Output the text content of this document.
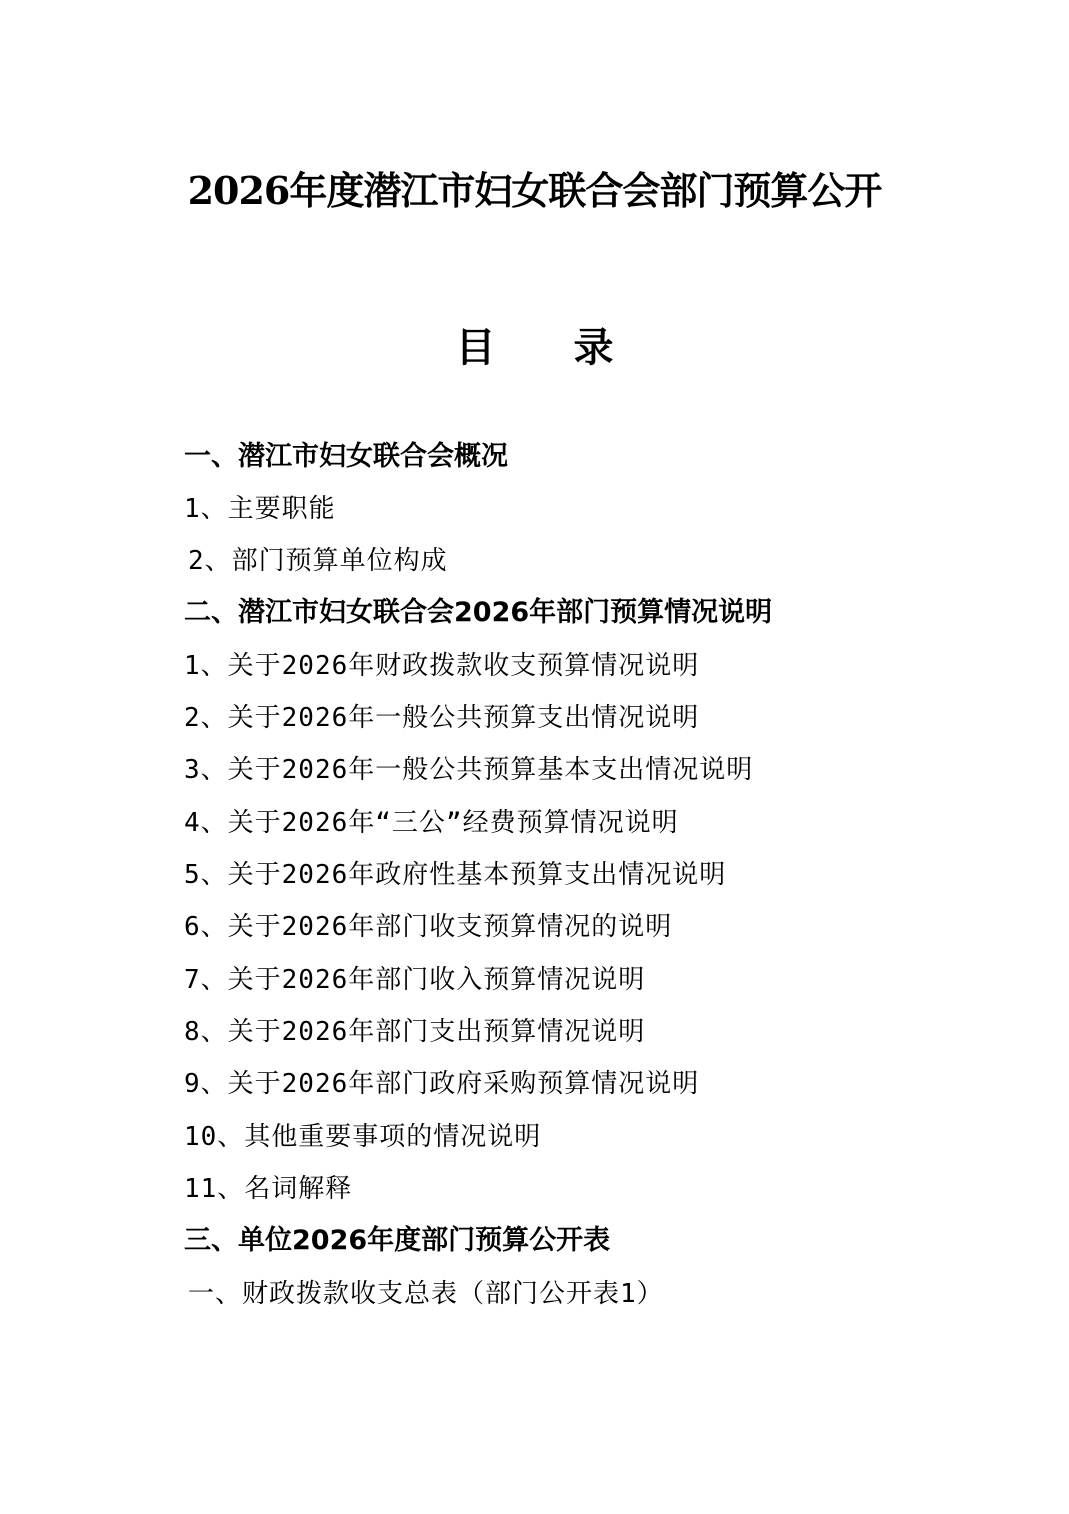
2026年度潜江市妇女联合会部门预算公开
目 录

一、潜江市妇女联合会概况

1、主要职能

2、部门预算单位构成

二、潜江市妇女联合会2026年部门预算情况说明

1、关于2026年财政拨款收支预算情况说明

2、关于2026年一般公共预算支出情况说明

3、关于2026年一般公共预算基本支出情况说明

4、关于2026年“三公”经费预算情况说明

5、关于2026年政府性基本预算支出情况说明

6、关于2026年部门收支预算情况的说明

7、关于2026年部门收入预算情况说明

8、关于2026年部门支出预算情况说明

9、关于2026年部门政府采购预算情况说明

10、其他重要事项的情况说明

11、名词解释

三、单位2026年度部门预算公开表

一、财政拨款收支总表（部门公开表1）
